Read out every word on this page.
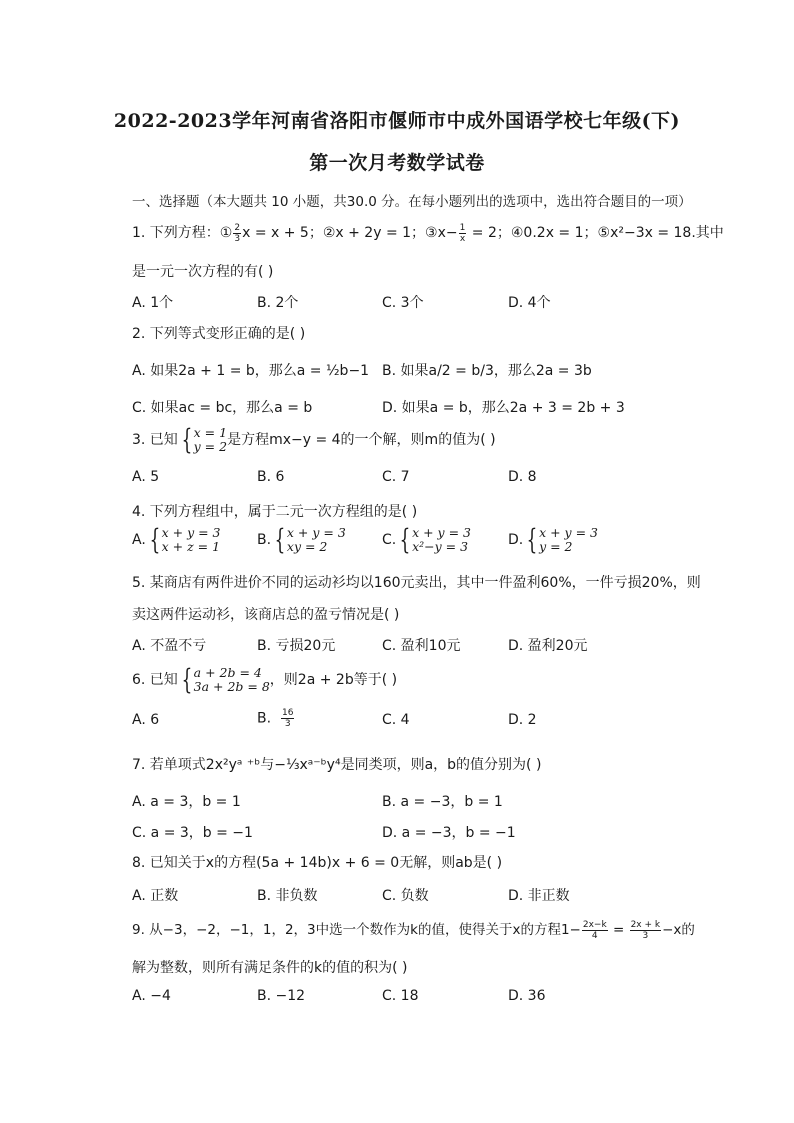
2022-2023学年河南省洛阳市偃师市中成外国语学校七年级(下)
第一次月考数学试卷
一、选择题（本大题共 10 小题，共30.0 分。在每小题列出的选项中，选出符合题目的一项）
1. 下列方程：① $\frac{2}{3}$ x = x + 5；②x + 2y = 1；③x− $\frac{1}{x} = 2$；④0.2x = 1；⑤x²−3x = 18.其中
是一元一次方程的有( )
A. 1个	B. 2个	C. 3个	D. 4个
2. 下列等式变形正确的是( )
A. 如果2a + 1 = b，那么a = ½b−1 B. 如果a/2 = b/3，那么2a = 3b
C. 如果ac = bc，那么a = b	D. 如果a = b，那么2a + 3 = 2b + 3
3. 已知 { x = 1
y = 2 是方程mx−y = 4的一个解，则m的值为( )
A. 5	B. 6	C. 7	D. 8
4. 下列方程组中，属于二元一次方程组的是( )
A. { x + y = 3
x + z = 1	B. { x + y = 3
xy = 2	C. { x + y = 3
x²−y = 3	D. { x + y = 3
y = 2
5. 某商店有两件进价不同的运动衫均以160元卖出，其中一件盈利60%，一件亏损20%，则
卖这两件运动衫，该商店总的盈亏情况是( )
A. 不盈不亏	B. 亏损20元	C. 盈利10元	D. 盈利20元
6. 已知 { a + 2b = 4
3a + 2b = 8 ，则2a + 2b等于( )
A. 6	B. $\frac{16}{3}$	C. 4	D. 2
7. 若单项式2x²yᵃ ⁺ᵇ与−⅓xᵃ⁻ᵇy⁴是同类项，则a，b的值分别为( )
A. a = 3，b = 1	B. a = −3，b = 1
C. a = 3，b = −1	D. a = −3，b = −1
8. 已知关于x的方程(5a + 14b)x + 6 = 0无解，则ab是( )
A. 正数	B. 非负数	C. 负数	D. 非正数
9. 从−3，−2，−1，1，2，3中选一个数作为k的值，使得关于x的方程$1- \frac{2x-k}{4} = \frac{2x + k}{3} -x$的
解为整数，则所有满足条件的k的值的积为( )
A. −4	B. −12	C. 18	D. 36
